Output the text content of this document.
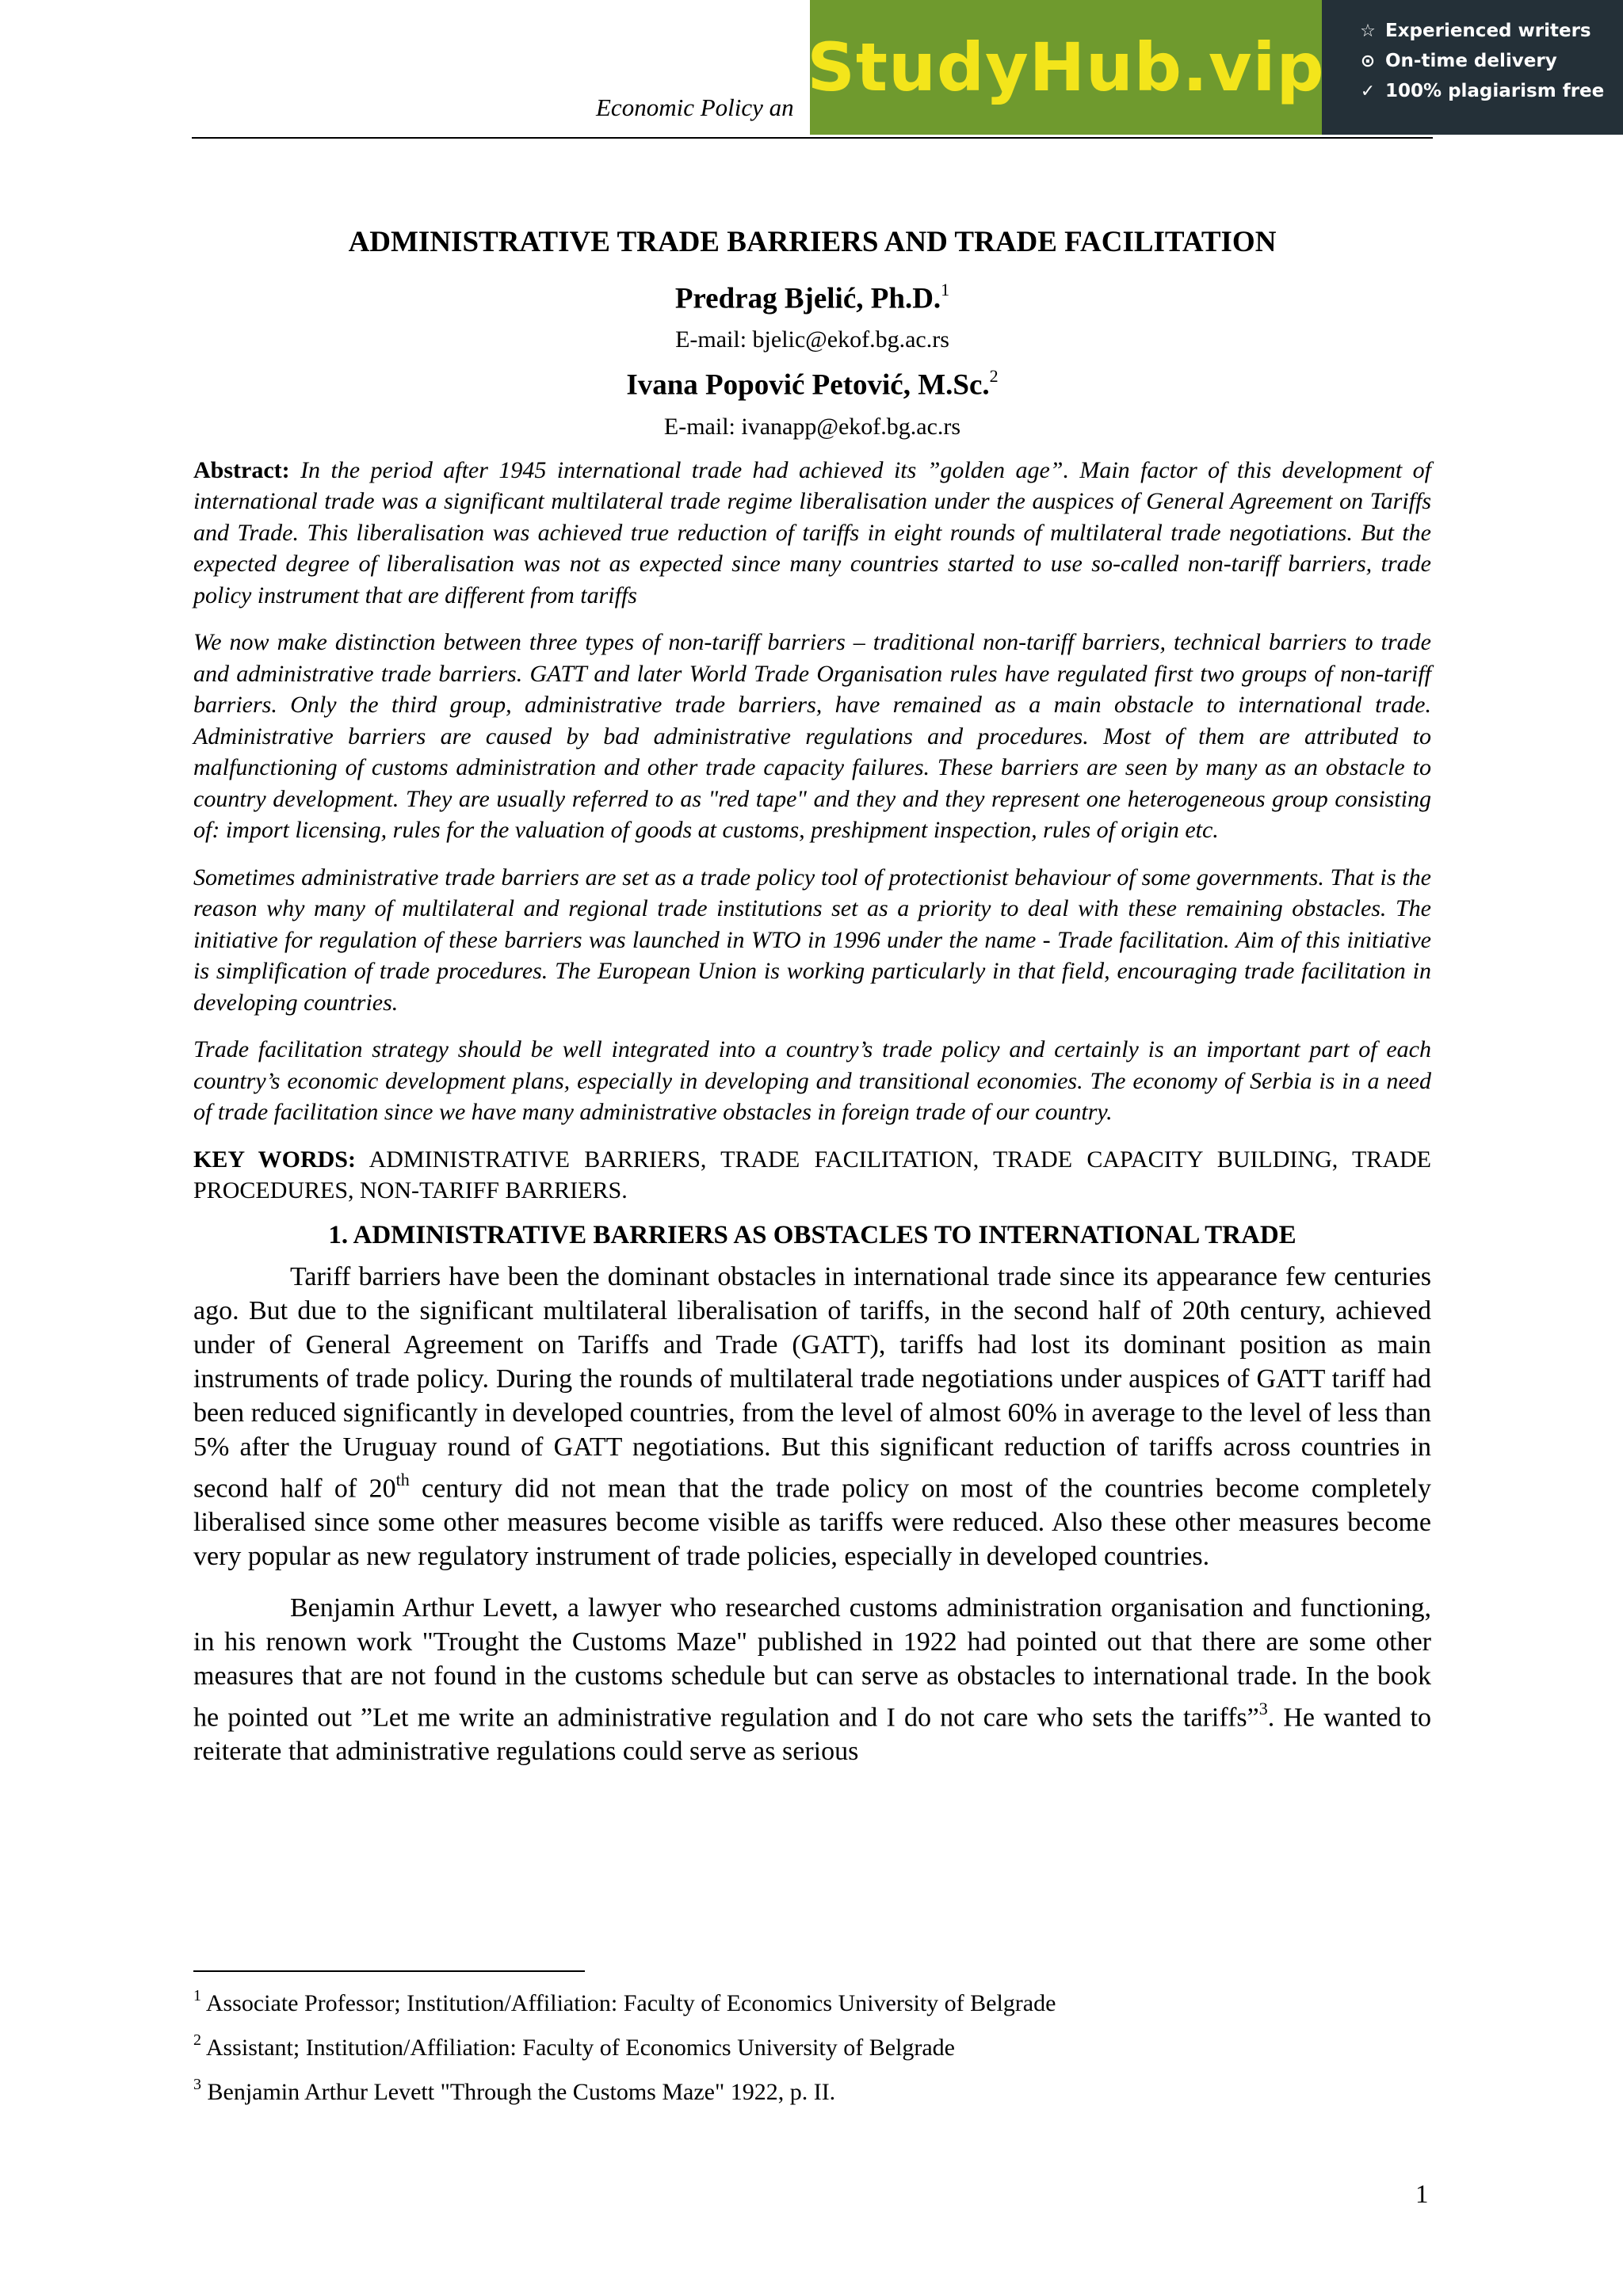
Economic Policy an
StudyHub.vip ☆ Experienced writers
⊙ On-time delivery
✓ 100% plagiarism free
ADMINISTRATIVE TRADE BARRIERS AND TRADE FACILITATION
Predrag Bjelić, Ph.D.$^1$
E-mail: bjelic@ekof.bg.ac.rs
Ivana Popović Petović, M.Sc.$^2$
E-mail: ivanapp@ekof.bg.ac.rs

Abstract: In the period after 1945 international trade had achieved its ”golden age”. Main factor of this development of international trade was a significant multilateral trade regime liberalisation under the auspices of General Agreement on Tariffs and Trade. This liberalisation was achieved true reduction of tariffs in eight rounds of multilateral trade negotiations. But the expected degree of liberalisation was not as expected since many countries started to use so-called non-tariff barriers, trade policy instrument that are different from tariffs

We now make distinction between three types of non-tariff barriers – traditional non-tariff barriers, technical barriers to trade and administrative trade barriers. GATT and later World Trade Organisation rules have regulated first two groups of non-tariff barriers. Only the third group, administrative trade barriers, have remained as a main obstacle to international trade. Administrative barriers are caused by bad administrative regulations and procedures. Most of them are attributed to malfunctioning of customs administration and other trade capacity failures. These barriers are seen by many as an obstacle to country development. They are usually referred to as "red tape" and they and they represent one heterogeneous group consisting of: import licensing, rules for the valuation of goods at customs, preshipment inspection, rules of origin etc.

Sometimes administrative trade barriers are set as a trade policy tool of protectionist behaviour of some governments. That is the reason why many of multilateral and regional trade institutions set as a priority to deal with these remaining obstacles. The initiative for regulation of these barriers was launched in WTO in 1996 under the name - Trade facilitation. Aim of this initiative is simplification of trade procedures. The European Union is working particularly in that field, encouraging trade facilitation in developing countries.

Trade facilitation strategy should be well integrated into a country’s trade policy and certainly is an important part of each country’s economic development plans, especially in developing and transitional economies. The economy of Serbia is in a need of trade facilitation since we have many administrative obstacles in foreign trade of our country.

KEY WORDS: ADMINISTRATIVE BARRIERS, TRADE FACILITATION, TRADE CAPACITY BUILDING, TRADE PROCEDURES, NON-TARIFF BARRIERS.

1. ADMINISTRATIVE BARRIERS AS OBSTACLES TO INTERNATIONAL TRADE

Tariff barriers have been the dominant obstacles in international trade since its appearance few centuries ago. But due to the significant multilateral liberalisation of tariffs, in the second half of 20th century, achieved under of General Agreement on Tariffs and Trade (GATT), tariffs had lost its dominant position as main instruments of trade policy. During the rounds of multilateral trade negotiations under auspices of GATT tariff had been reduced significantly in developed countries, from the level of almost 60% in average to the level of less than 5% after the Uruguay round of GATT negotiations. But this significant reduction of tariffs across countries in second half of 20th century did not mean that the trade policy on most of the countries become completely liberalised since some other measures become visible as tariffs were reduced. Also these other measures become very popular as new regulatory instrument of trade policies, especially in developed countries.

Benjamin Arthur Levett, a lawyer who researched customs administration organisation and functioning, in his renown work "Trought the Customs Maze" published in 1922 had pointed out that there are some other measures that are not found in the customs schedule but can serve as obstacles to international trade. In the book he pointed out ”Let me write an administrative regulation and I do not care who sets the tariffs”$^3$. He wanted to reiterate that administrative regulations could serve as serious

$^1$ Associate Professor; Institution/Affiliation: Faculty of Economics University of Belgrade
$^2$ Assistant; Institution/Affiliation: Faculty of Economics University of Belgrade
$^3$ Benjamin Arthur Levett "Through the Customs Maze" 1922, p. II.
1
